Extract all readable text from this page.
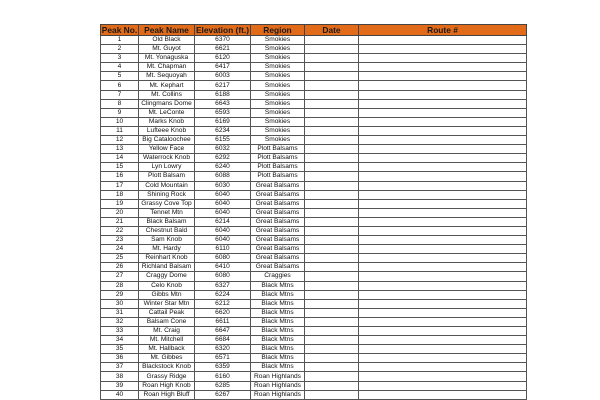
Peak No.	Peak Name	Elevation (ft.)	Region	Date	Route #
1	Old Black	6370	Smokies		
2	Mt. Guyot	6621	Smokies		
3	Mt. Yonaguska	6120	Smokies		
4	Mt. Chapman	6417	Smokies		
5	Mt. Sequoyah	6003	Smokies		
6	Mt. Kephart	6217	Smokies		
7	Mt. Collins	6188	Smokies		
8	Clingmans Dome	6643	Smokies		
9	Mt. LeConte	6593	Smokies		
10	Marks Knob	6169	Smokies		
11	Lufteee Knob	6234	Smokies		
12	Big Cataloochee	6155	Smokies		
13	Yellow Face	6032	Plott Balsams		
14	Waterrock Knob	6292	Plott Balsams		
15	Lyn Lowry	6240	Plott Balsams		
16	Plott Balsam	6088	Plott Balsams		
17	Cold Mountain	6030	Great Balsams		
18	Shining Rock	6040	Great Balsams		
19	Grassy Cove Top	6040	Great Balsams		
20	Tennet Mtn	6040	Great Balsams		
21	Black Balsam	6214	Great Balsams		
22	Chestnut Bald	6040	Great Balsams		
23	Sam Knob	6040	Great Balsams		
24	Mt. Hardy	6110	Great Balsams		
25	Reinhart Knob	6080	Great Balsams		
26	Richland Balsam	6410	Great Balsams		
27	Craggy Dome	6080	Craggies		
28	Celo Knob	6327	Black Mtns		
29	Gibbs Mtn	6224	Black Mtns		
30	Winter Star Mtn	6212	Black Mtns		
31	Cattail Peak	6620	Black Mtns		
32	Balsam Cone	6611	Black Mtns		
33	Mt. Craig	6647	Black Mtns		
34	Mt. Mitchell	6684	Black Mtns		
35	Mt. Hallback	6320	Black Mtns		
36	Mt. Gibbes	6571	Black Mtns		
37	Blackstock Knob	6359	Black Mtns		
38	Grassy Ridge	6160	Roan Highlands		
39	Roan High Knob	6285	Roan Highlands		
40	Roan High Bluff	6267	Roan Highlands		
